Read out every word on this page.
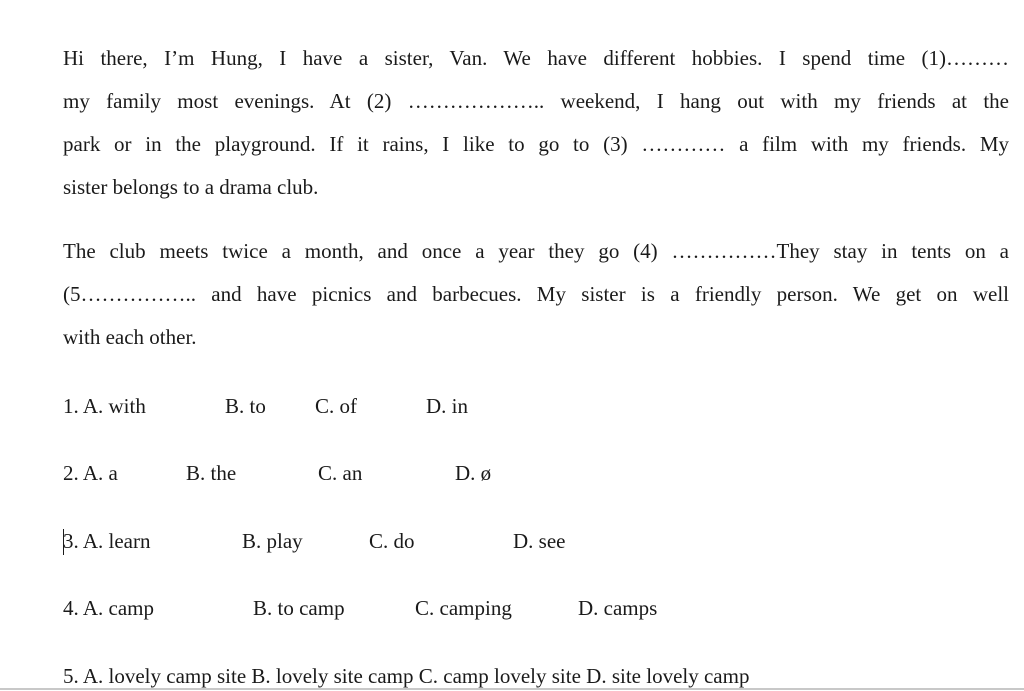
Hi there, I’m Hung, I have a sister, Van. We have different hobbies. I spend time (1)………
my family most evenings. At (2) ……………….. weekend, I hang out with my friends at the
park or in the playground. If it rains, I like to go to (3) ………… a film with my friends. My
sister belongs to a drama club.
The club meets twice a month, and once a year they go (4) ……………They stay in tents on a
(5…………….. and have picnics and barbecues. My sister is a friendly person. We get on well
with each other.
1. A. with	B. to C. of	D. in
2. A. a	B. the	C. an	D. ø
3. A. learn	B. play	C. do	D. see
4. A. camp	B. to camp	C. camping	D. camps
5. A. lovely camp site B. lovely site camp C. camp lovely site D. site lovely camp
